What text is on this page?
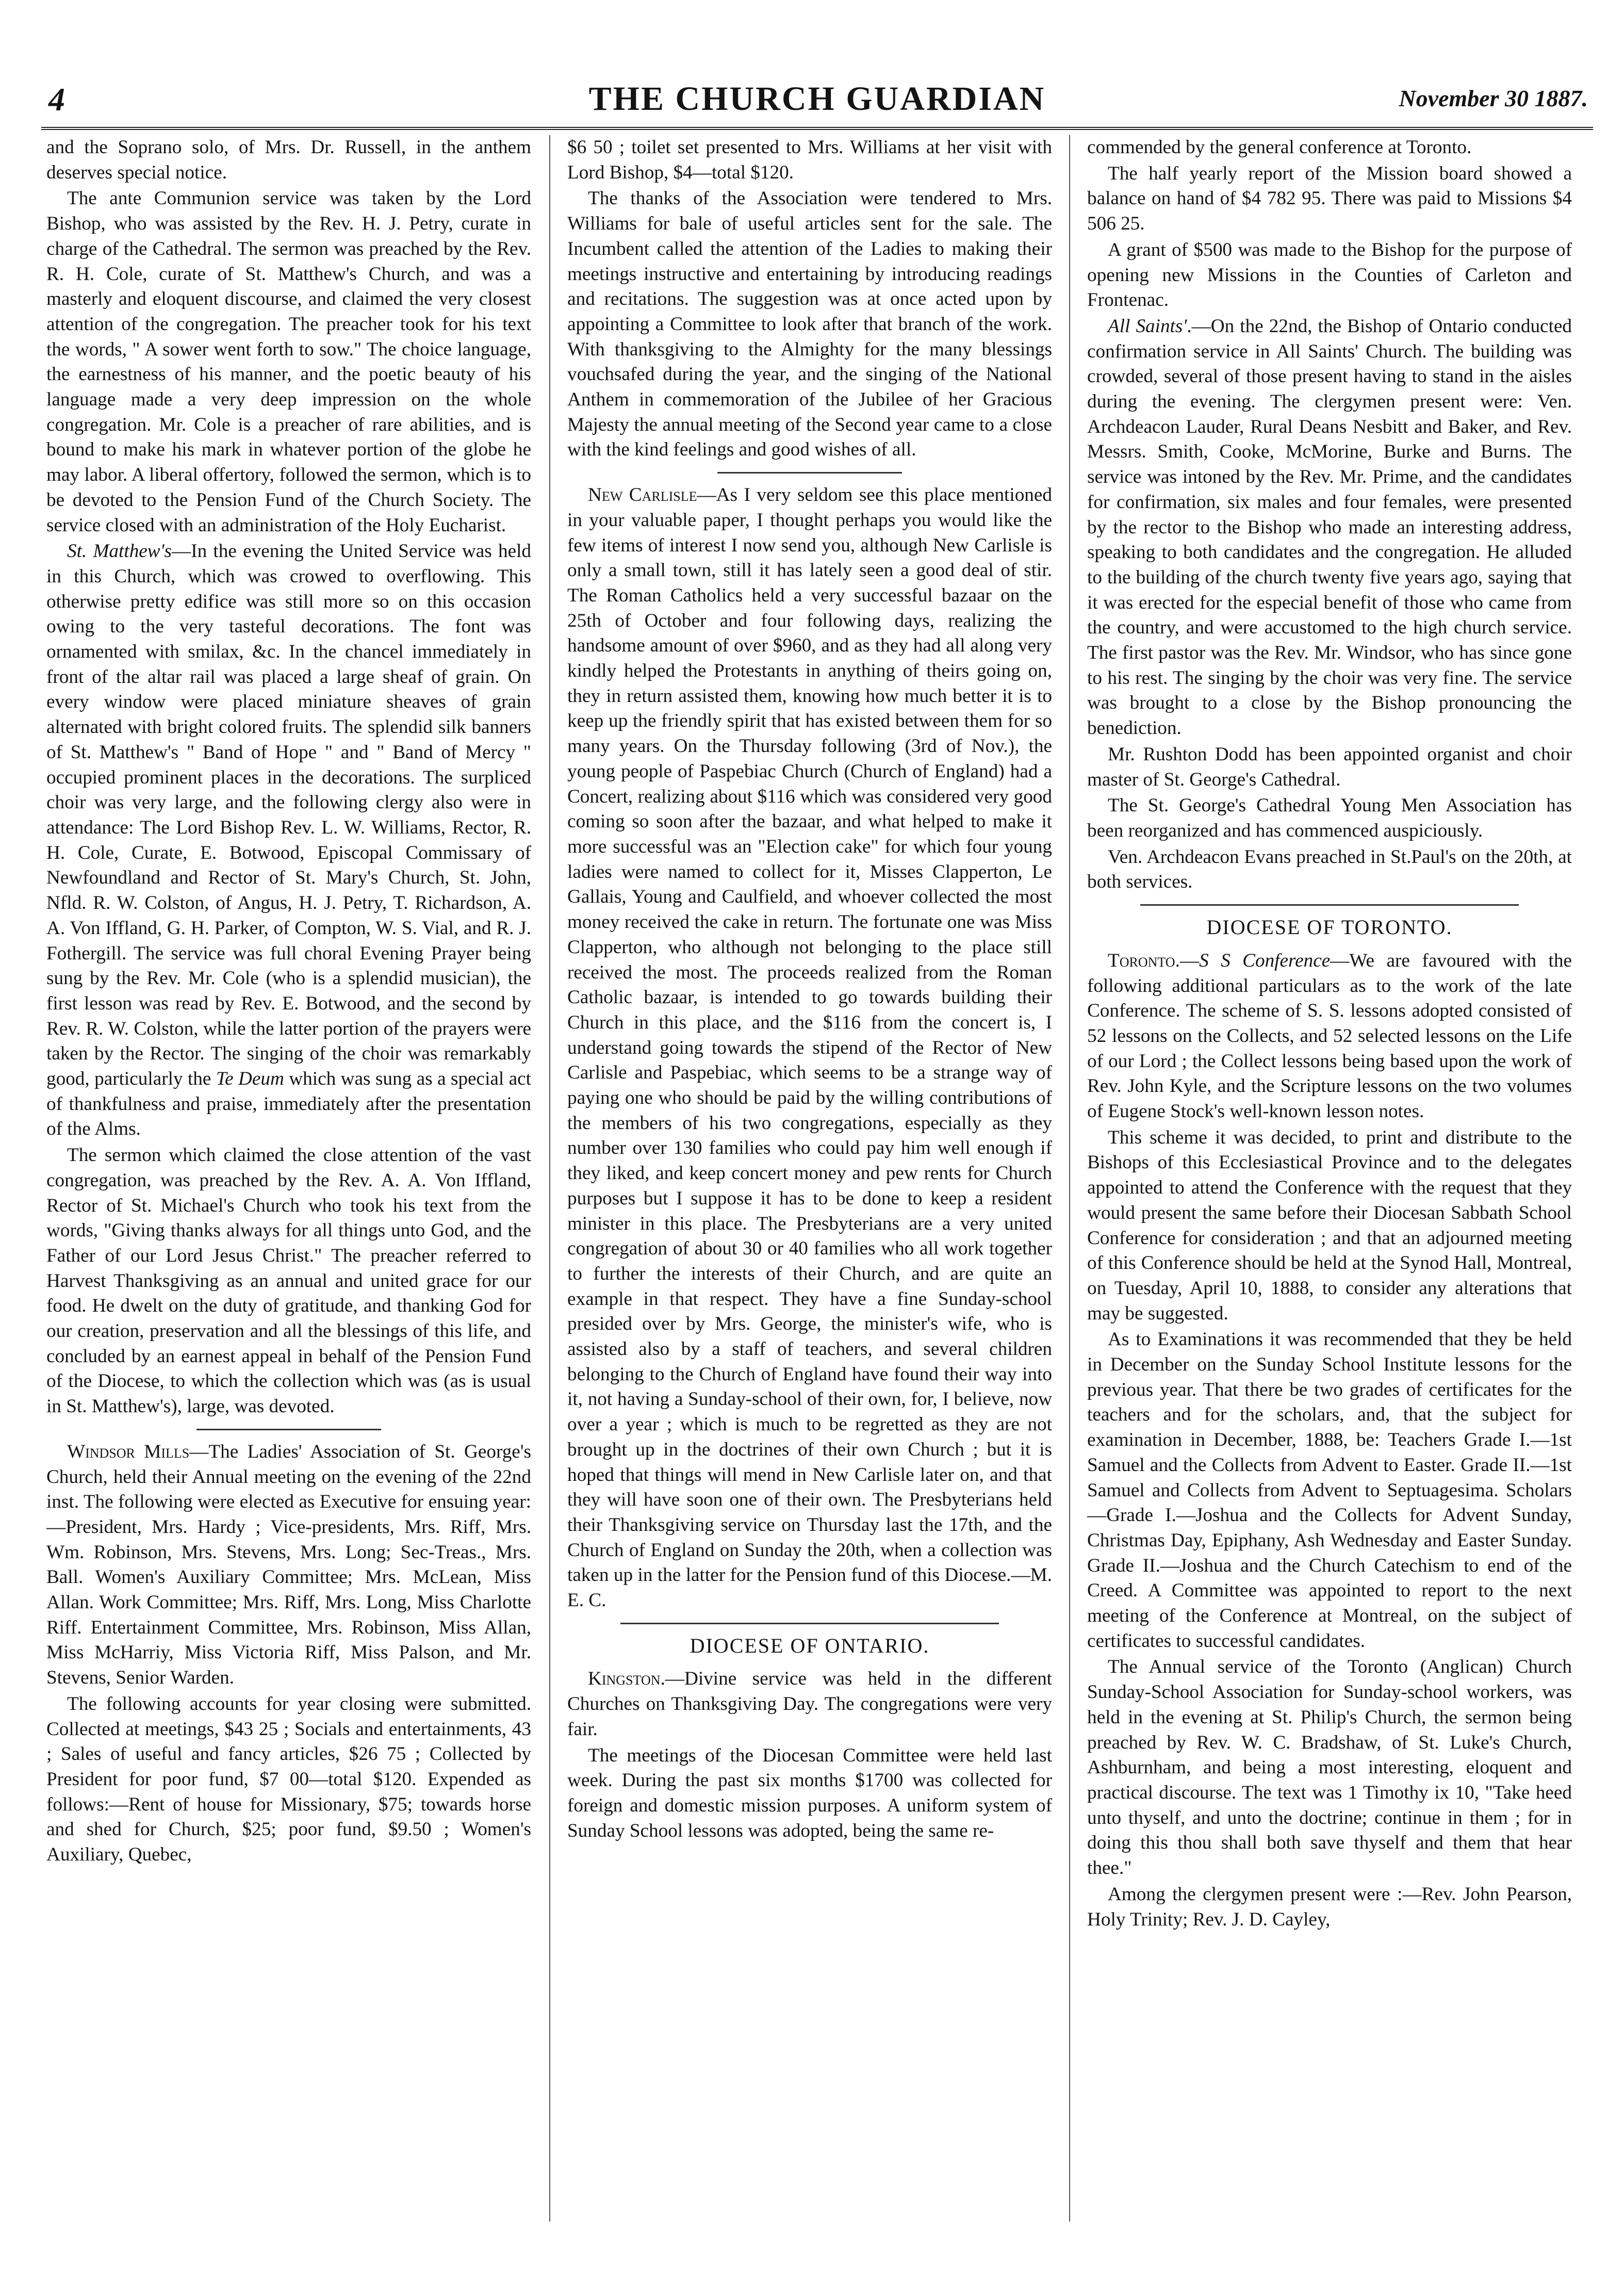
4	THE CHURCH GUARDIAN	November 30 1887.

and the Soprano solo, of Mrs. Dr. Russell, in the anthem deserves special notice.

The ante Communion service was taken by the Lord Bishop, who was assisted by the Rev. H. J. Petry, curate in charge of the Cathedral. The sermon was preached by the Rev. R. H. Cole, curate of St. Matthew's Church, and was a masterly and eloquent discourse, and claimed the very closest attention of the congregation. The preacher took for his text the words, " A sower went forth to sow." The choice language, the earnestness of his manner, and the poetic beauty of his language made a very deep impression on the whole congregation. Mr. Cole is a preacher of rare abilities, and is bound to make his mark in whatever portion of the globe he may labor. A liberal offertory, followed the sermon, which is to be devoted to the Pension Fund of the Church Society. The service closed with an administration of the Holy Eucharist.

St. Matthew's—In the evening the United Service was held in this Church, which was crowed to overflowing. This otherwise pretty edifice was still more so on this occasion owing to the very tasteful decorations. The font was ornamented with smilax, &c. In the chancel immediately in front of the altar rail was placed a large sheaf of grain. On every window were placed miniature sheaves of grain alternated with bright colored fruits. The splendid silk banners of St. Matthew's " Band of Hope " and " Band of Mercy " occupied prominent places in the decorations. The surpliced choir was very large, and the following clergy also were in attendance: The Lord Bishop Rev. L. W. Williams, Rector, R. H. Cole, Curate, E. Botwood, Episcopal Commissary of Newfoundland and Rector of St. Mary's Church, St. John, Nfld. R. W. Colston, of Angus, H. J. Petry, T. Richardson, A. A. Von Iffland, G. H. Parker, of Compton, W. S. Vial, and R. J. Fothergill. The service was full choral Evening Prayer being sung by the Rev. Mr. Cole (who is a splendid musician), the first lesson was read by Rev. E. Botwood, and the second by Rev. R. W. Colston, while the latter portion of the prayers were taken by the Rector. The singing of the choir was remarkably good, particularly the Te Deum which was sung as a special act of thankfulness and praise, immediately after the presentation of the Alms.

The sermon which claimed the close attention of the vast congregation, was preached by the Rev. A. A. Von Iffland, Rector of St. Michael's Church who took his text from the words, "Giving thanks always for all things unto God, and the Father of our Lord Jesus Christ." The preacher referred to Harvest Thanksgiving as an annual and united grace for our food. He dwelt on the duty of gratitude, and thanking God for our creation, preservation and all the blessings of this life, and concluded by an earnest appeal in behalf of the Pension Fund of the Diocese, to which the collection which was (as is usual in St. Matthew's), large, was devoted.

Windsor Mills—The Ladies' Association of St. George's Church, held their Annual meeting on the evening of the 22nd inst. The following were elected as Executive for ensuing year:—President, Mrs. Hardy ; Vice-presidents, Mrs. Riff, Mrs. Wm. Robinson, Mrs. Stevens, Mrs. Long; Sec-Treas., Mrs. Ball. Women's Auxiliary Committee; Mrs. McLean, Miss Allan. Work Committee; Mrs. Riff, Mrs. Long, Miss Charlotte Riff. Entertainment Committee, Mrs. Robinson, Miss Allan, Miss McHarriy, Miss Victoria Riff, Miss Palson, and Mr. Stevens, Senior Warden.

The following accounts for year closing were submitted. Collected at meetings, $43 25 ; Socials and entertainments, 43 ; Sales of useful and fancy articles, $26 75 ; Collected by President for poor fund, $7 00—total $120. Expended as follows:—Rent of house for Missionary, $75; towards horse and shed for Church, $25; poor fund, $9.50 ; Women's Auxiliary, Quebec,

$6 50 ; toilet set presented to Mrs. Williams at her visit with Lord Bishop, $4—total $120.

The thanks of the Association were tendered to Mrs. Williams for bale of useful articles sent for the sale. The Incumbent called the attention of the Ladies to making their meetings instructive and entertaining by introducing readings and recitations. The suggestion was at once acted upon by appointing a Committee to look after that branch of the work. With thanksgiving to the Almighty for the many blessings vouchsafed during the year, and the singing of the National Anthem in commemoration of the Jubilee of her Gracious Majesty the annual meeting of the Second year came to a close with the kind feelings and good wishes of all.

New Carlisle—As I very seldom see this place mentioned in your valuable paper, I thought perhaps you would like the few items of interest I now send you, although New Carlisle is only a small town, still it has lately seen a good deal of stir. The Roman Catholics held a very successful bazaar on the 25th of October and four following days, realizing the handsome amount of over $960, and as they had all along very kindly helped the Protestants in anything of theirs going on, they in return assisted them, knowing how much better it is to keep up the friendly spirit that has existed between them for so many years. On the Thursday following (3rd of Nov.), the young people of Paspebiac Church (Church of England) had a Concert, realizing about $116 which was considered very good coming so soon after the bazaar, and what helped to make it more successful was an "Election cake" for which four young ladies were named to collect for it, Misses Clapperton, Le Gallais, Young and Caulfield, and whoever collected the most money received the cake in return. The fortunate one was Miss Clapperton, who although not belonging to the place still received the most. The proceeds realized from the Roman Catholic bazaar, is intended to go towards building their Church in this place, and the $116 from the concert is, I understand going towards the stipend of the Rector of New Carlisle and Paspebiac, which seems to be a strange way of paying one who should be paid by the willing contributions of the members of his two congregations, especially as they number over 130 families who could pay him well enough if they liked, and keep concert money and pew rents for Church purposes but I suppose it has to be done to keep a resident minister in this place. The Presbyterians are a very united congregation of about 30 or 40 families who all work together to further the interests of their Church, and are quite an example in that respect. They have a fine Sunday-school presided over by Mrs. George, the minister's wife, who is assisted also by a staff of teachers, and several children belonging to the Church of England have found their way into it, not having a Sunday-school of their own, for, I believe, now over a year ; which is much to be regretted as they are not brought up in the doctrines of their own Church ; but it is hoped that things will mend in New Carlisle later on, and that they will have soon one of their own. The Presbyterians held their Thanksgiving service on Thursday last the 17th, and the Church of England on Sunday the 20th, when a collection was taken up in the latter for the Pension fund of this Diocese.—M. E. C.

DIOCESE OF ONTARIO.

Kingston.—Divine service was held in the different Churches on Thanksgiving Day. The congregations were very fair.

The meetings of the Diocesan Committee were held last week. During the past six months $1700 was collected for foreign and domestic mission purposes. A uniform system of Sunday School lessons was adopted, being the same re-

commended by the general conference at Toronto.

The half yearly report of the Mission board showed a balance on hand of $4 782 95. There was paid to Missions $4 506 25.

A grant of $500 was made to the Bishop for the purpose of opening new Missions in the Counties of Carleton and Frontenac.

All Saints'.—On the 22nd, the Bishop of Ontario conducted confirmation service in All Saints' Church. The building was crowded, several of those present having to stand in the aisles during the evening. The clergymen present were: Ven. Archdeacon Lauder, Rural Deans Nesbitt and Baker, and Rev. Messrs. Smith, Cooke, McMorine, Burke and Burns. The service was intoned by the Rev. Mr. Prime, and the candidates for confirmation, six males and four females, were presented by the rector to the Bishop who made an interesting address, speaking to both candidates and the congregation. He alluded to the building of the church twenty five years ago, saying that it was erected for the especial benefit of those who came from the country, and were accustomed to the high church service. The first pastor was the Rev. Mr. Windsor, who has since gone to his rest. The singing by the choir was very fine. The service was brought to a close by the Bishop pronouncing the benediction.

Mr. Rushton Dodd has been appointed organist and choir master of St. George's Cathedral.

The St. George's Cathedral Young Men Association has been reorganized and has commenced auspiciously.

Ven. Archdeacon Evans preached in St.Paul's on the 20th, at both services.

DIOCESE OF TORONTO.

Toronto.—S S Conference—We are favoured with the following additional particulars as to the work of the late Conference. The scheme of S. S. lessons adopted consisted of 52 lessons on the Collects, and 52 selected lessons on the Life of our Lord ; the Collect lessons being based upon the work of Rev. John Kyle, and the Scripture lessons on the two volumes of Eugene Stock's well-known lesson notes.

This scheme it was decided, to print and distribute to the Bishops of this Ecclesiastical Province and to the delegates appointed to attend the Conference with the request that they would present the same before their Diocesan Sabbath School Conference for consideration ; and that an adjourned meeting of this Conference should be held at the Synod Hall, Montreal, on Tuesday, April 10, 1888, to consider any alterations that may be suggested.

As to Examinations it was recommended that they be held in December on the Sunday School Institute lessons for the previous year. That there be two grades of certificates for the teachers and for the scholars, and, that the subject for examination in December, 1888, be: Teachers Grade I.—1st Samuel and the Collects from Advent to Easter. Grade II.—1st Samuel and Collects from Advent to Septuagesima. Scholars—Grade I.—Joshua and the Collects for Advent Sunday, Christmas Day, Epiphany, Ash Wednesday and Easter Sunday. Grade II.—Joshua and the Church Catechism to end of the Creed. A Committee was appointed to report to the next meeting of the Conference at Montreal, on the subject of certificates to successful candidates.

The Annual service of the Toronto (Anglican) Church Sunday-School Association for Sunday-school workers, was held in the evening at St. Philip's Church, the sermon being preached by Rev. W. C. Bradshaw, of St. Luke's Church, Ashburnham, and being a most interesting, eloquent and practical discourse. The text was 1 Timothy ix 10, "Take heed unto thyself, and unto the doctrine; continue in them ; for in doing this thou shall both save thyself and them that hear thee."

Among the clergymen present were :—Rev. John Pearson, Holy Trinity; Rev. J. D. Cayley,
